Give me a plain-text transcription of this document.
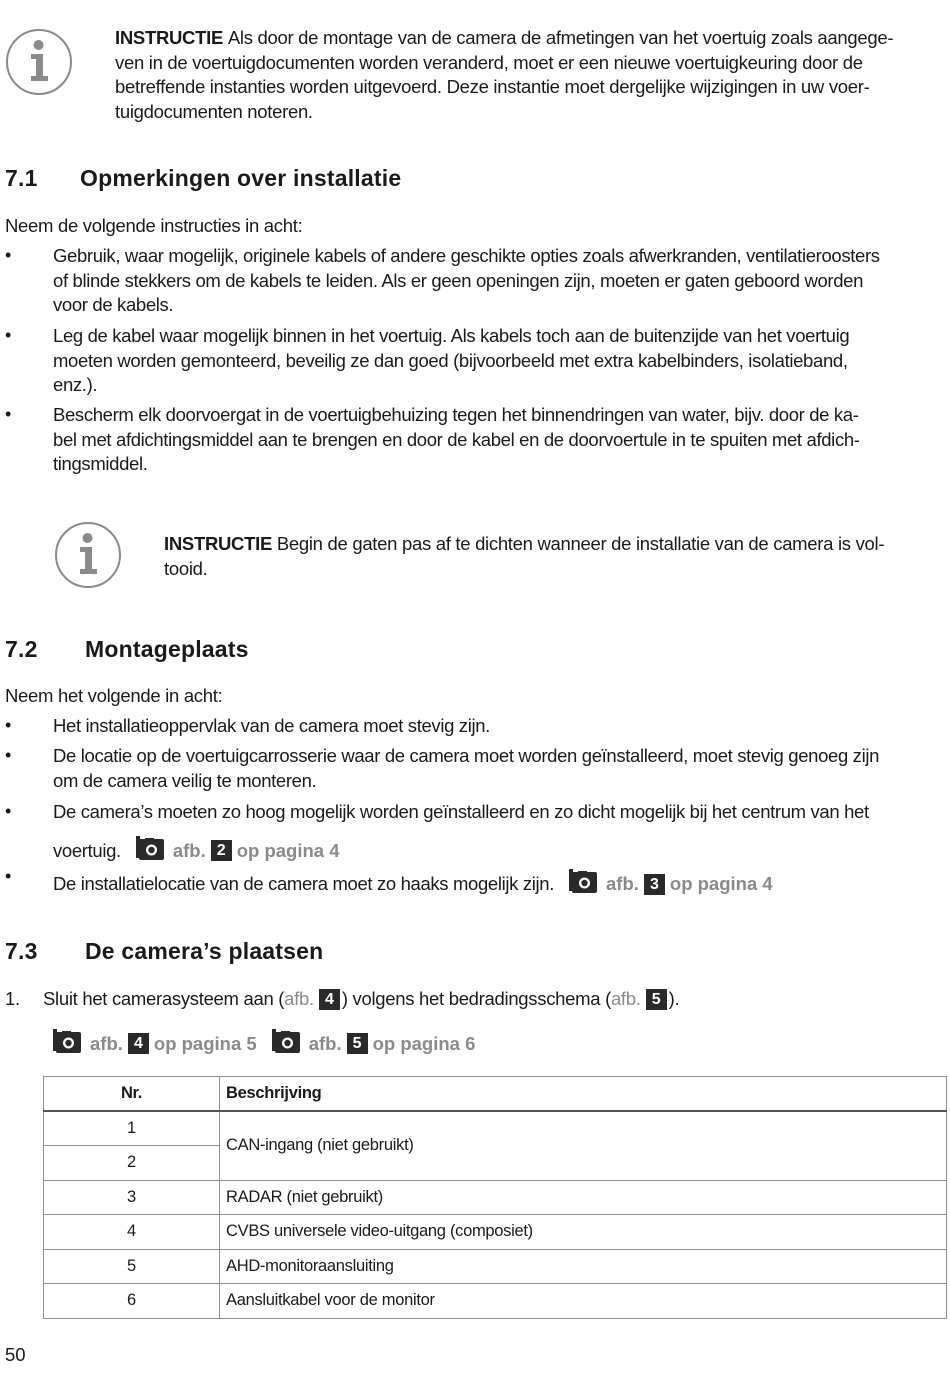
INSTRUCTIE Als door de montage van de camera de afmetingen van het voertuig zoals aangege-
ven in de voertuigdocumenten worden veranderd, moet er een nieuwe voertuigkeuring door de
betreffende instanties worden uitgevoerd. Deze instantie moet dergelijke wijzigingen in uw voer-
tuigdocumenten noteren.
7.1 Opmerkingen over installatie
Neem de volgende instructies in acht:
• Gebruik, waar mogelijk, originele kabels of andere geschikte opties zoals afwerkranden, ventilatieroosters
of blinde stekkers om de kabels te leiden. Als er geen openingen zijn, moeten er gaten geboord worden
voor de kabels.
• Leg de kabel waar mogelijk binnen in het voertuig. Als kabels toch aan de buitenzijde van het voertuig
moeten worden gemonteerd, beveilig ze dan goed (bijvoorbeeld met extra kabelbinders, isolatieband,
enz.).
• Bescherm elk doorvoergat in de voertuigbehuizing tegen het binnendringen van water, bijv. door de ka-
bel met afdichtingsmiddel aan te brengen en door de kabel en de doorvoertule in te spuiten met afdich-
tingsmiddel.
INSTRUCTIE Begin de gaten pas af te dichten wanneer de installatie van de camera is vol-
tooid.
7.2 Montageplaats
Neem het volgende in acht:
• Het installatieoppervlak van de camera moet stevig zijn.
• De locatie op de voertuigcarrosserie waar de camera moet worden geïnstalleerd, moet stevig genoeg zijn
om de camera veilig te monteren.
• De camera’s moeten zo hoog mogelijk worden geïnstalleerd en zo dicht mogelijk bij het centrum van het
voertuig.	afb. 2 op pagina 4
• De installatielocatie van de camera moet zo haaks mogelijk zijn.	afb. 3 op pagina 4
7.3 De camera’s plaatsen
1. Sluit het camerasysteem aan ( afb. 4 ) volgens het bedradingsschema ( afb. 5 ).
afb. 4 op pagina 5	afb. 5 op pagina 6
Nr.	Beschrijving
1	CAN-ingang (niet gebruikt)
2	
3	RADAR (niet gebruikt)
4	CVBS universele video-uitgang (composiet)
5	AHD-monitoraansluiting
6	Aansluitkabel voor de monitor
50
